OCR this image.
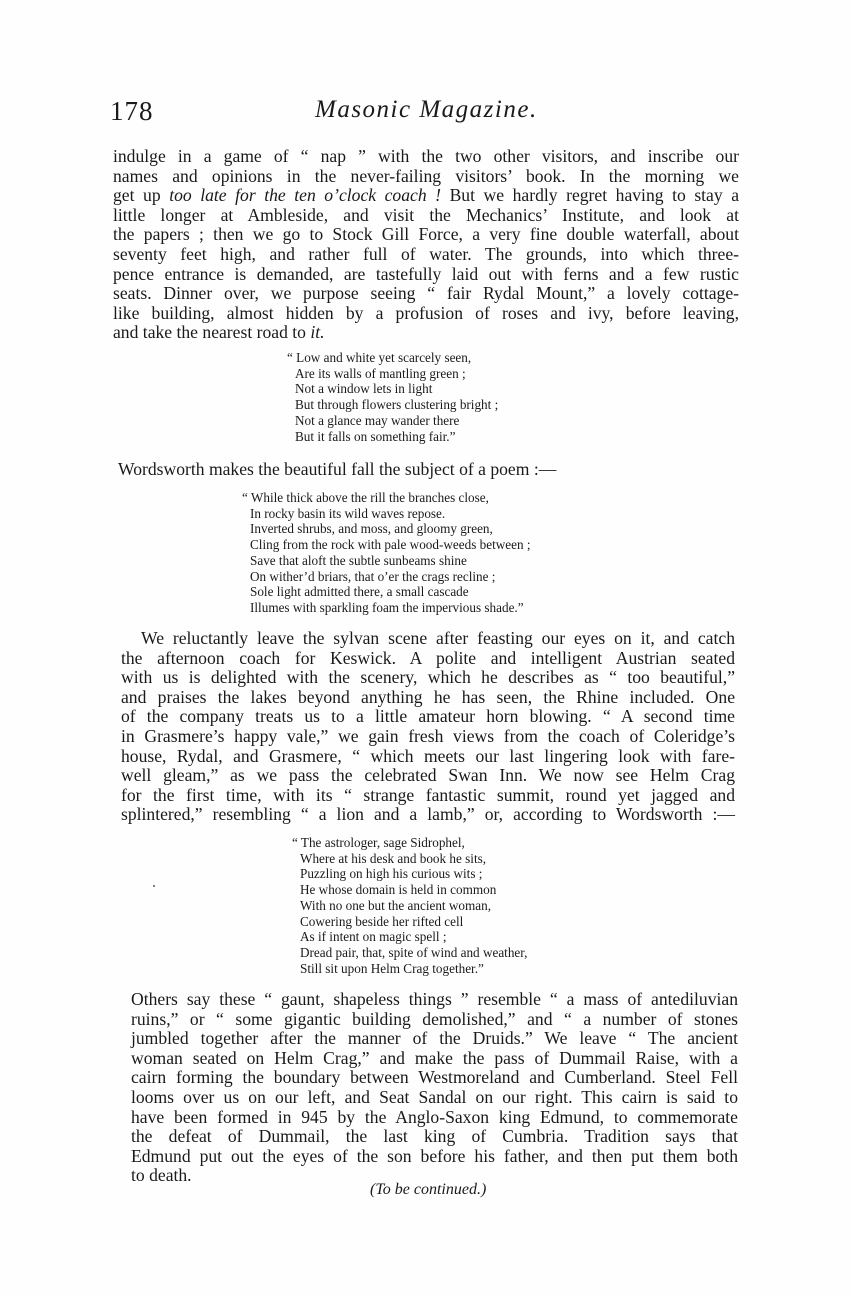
178	Masonic Magazine.
indulge in a game of “ nap ” with the two other visitors, and inscribe our
names and opinions in the never-failing visitors’ book. In the morning we
get up too late for the ten o’clock coach ! But we hardly regret having to stay a
little longer at Ambleside, and visit the Mechanics’ Institute, and look at
the papers ; then we go to Stock Gill Force, a very fine double waterfall, about
seventy feet high, and rather full of water. The grounds, into which three-
pence entrance is demanded, are tastefully laid out with ferns and a few rustic
seats. Dinner over, we purpose seeing “ fair Rydal Mount,” a lovely cottage-
like building, almost hidden by a profusion of roses and ivy, before leaving,
and take the nearest road to it.
“ Low and white yet scarcely seen,
Are its walls of mantling green ;
Not a window lets in light
But through flowers clustering bright ;
Not a glance may wander there
But it falls on something fair.”
Wordsworth makes the beautiful fall the subject of a poem :—
“ While thick above the rill the branches close,
In rocky basin its wild waves repose.
Inverted shrubs, and moss, and gloomy green,
Cling from the rock with pale wood-weeds between ;
Save that aloft the subtle sunbeams shine
On wither’d briars, that o’er the crags recline ;
Sole light admitted there, a small cascade
Illumes with sparkling foam the impervious shade.”
We reluctantly leave the sylvan scene after feasting our eyes on it, and catch
the afternoon coach for Keswick. A polite and intelligent Austrian seated
with us is delighted with the scenery, which he describes as “ too beautiful,”
and praises the lakes beyond anything he has seen, the Rhine included. One
of the company treats us to a little amateur horn blowing. “ A second time
in Grasmere’s happy vale,” we gain fresh views from the coach of Coleridge’s
house, Rydal, and Grasmere, “ which meets our last lingering look with fare-
well gleam,” as we pass the celebrated Swan Inn. We now see Helm Crag
for the first time, with its “ strange fantastic summit, round yet jagged and
splintered,” resembling “ a lion and a lamb,” or, according to Wordsworth :—
“ The astrologer, sage Sidrophel,
Where at his desk and book he sits,
Puzzling on high his curious wits ;
He whose domain is held in common
With no one but the ancient woman,
Cowering beside her rifted cell
As if intent on magic spell ;
Dread pair, that, spite of wind and weather,
Still sit upon Helm Crag together.”
Others say these “ gaunt, shapeless things ” resemble “ a mass of antediluvian
ruins,” or “ some gigantic building demolished,” and “ a number of stones
jumbled together after the manner of the Druids.” We leave “ The ancient
woman seated on Helm Crag,” and make the pass of Dummail Raise, with a
cairn forming the boundary between Westmoreland and Cumberland. Steel Fell
looms over us on our left, and Seat Sandal on our right. This cairn is said to
have been formed in 945 by the Anglo-Saxon king Edmund, to commemorate
the defeat of Dummail, the last king of Cumbria. Tradition says that
Edmund put out the eyes of the son before his father, and then put them both
to death.
(To be continued.)
